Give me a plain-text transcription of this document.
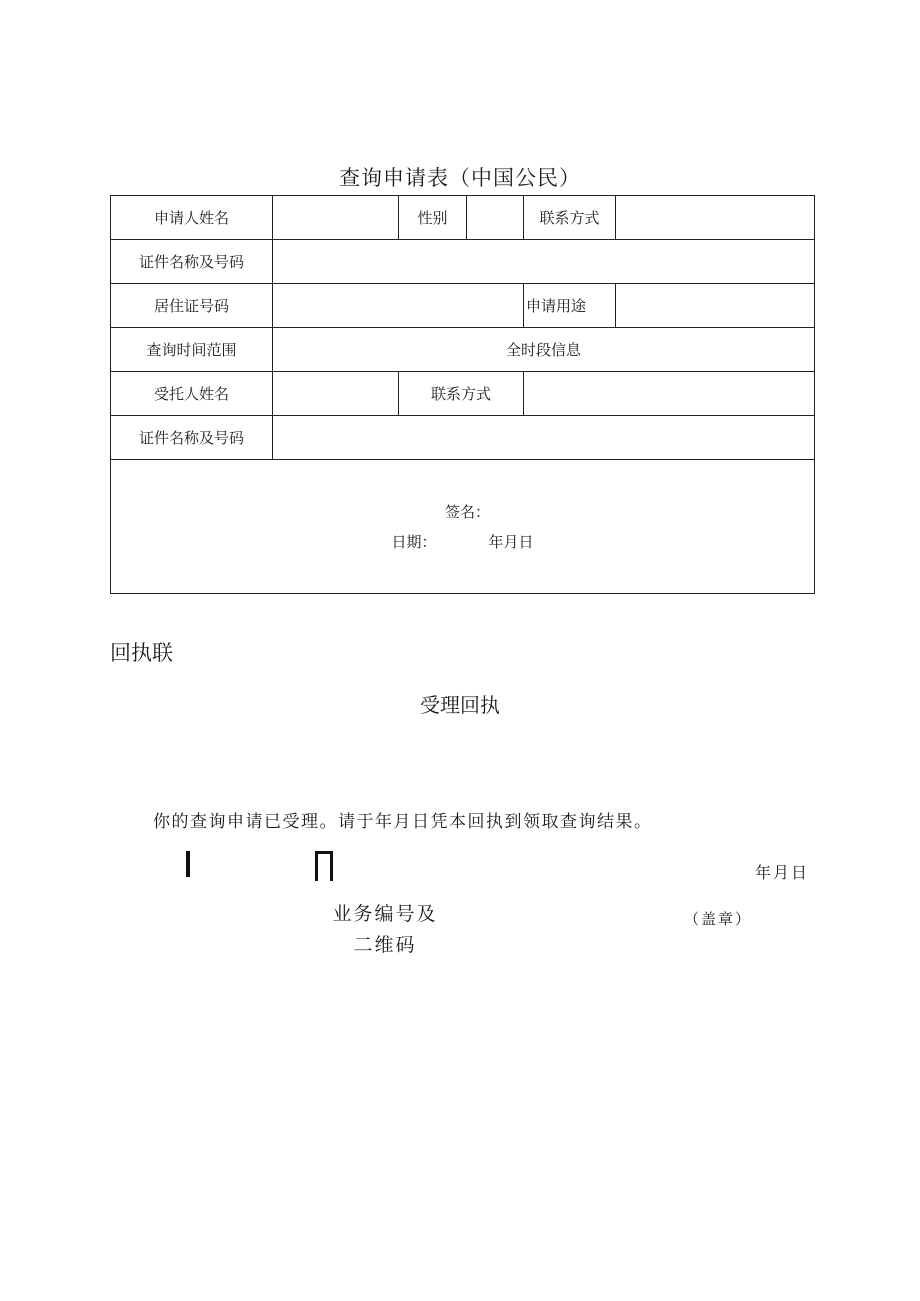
查询申请表（中国公民）
申请人姓名		性别		联系方式	
证件名称及号码					
居住证号码				申请用途	
查询时间范围	全时段信息				
受托人姓名		联系方式			
证件名称及号码					

签名：
日期： 年月日					
回执联
受理回执
你的查询申请已受理。请于年月日凭本回执到领取查询结果。
年月日
业务编号及
二维码
（盖章）
